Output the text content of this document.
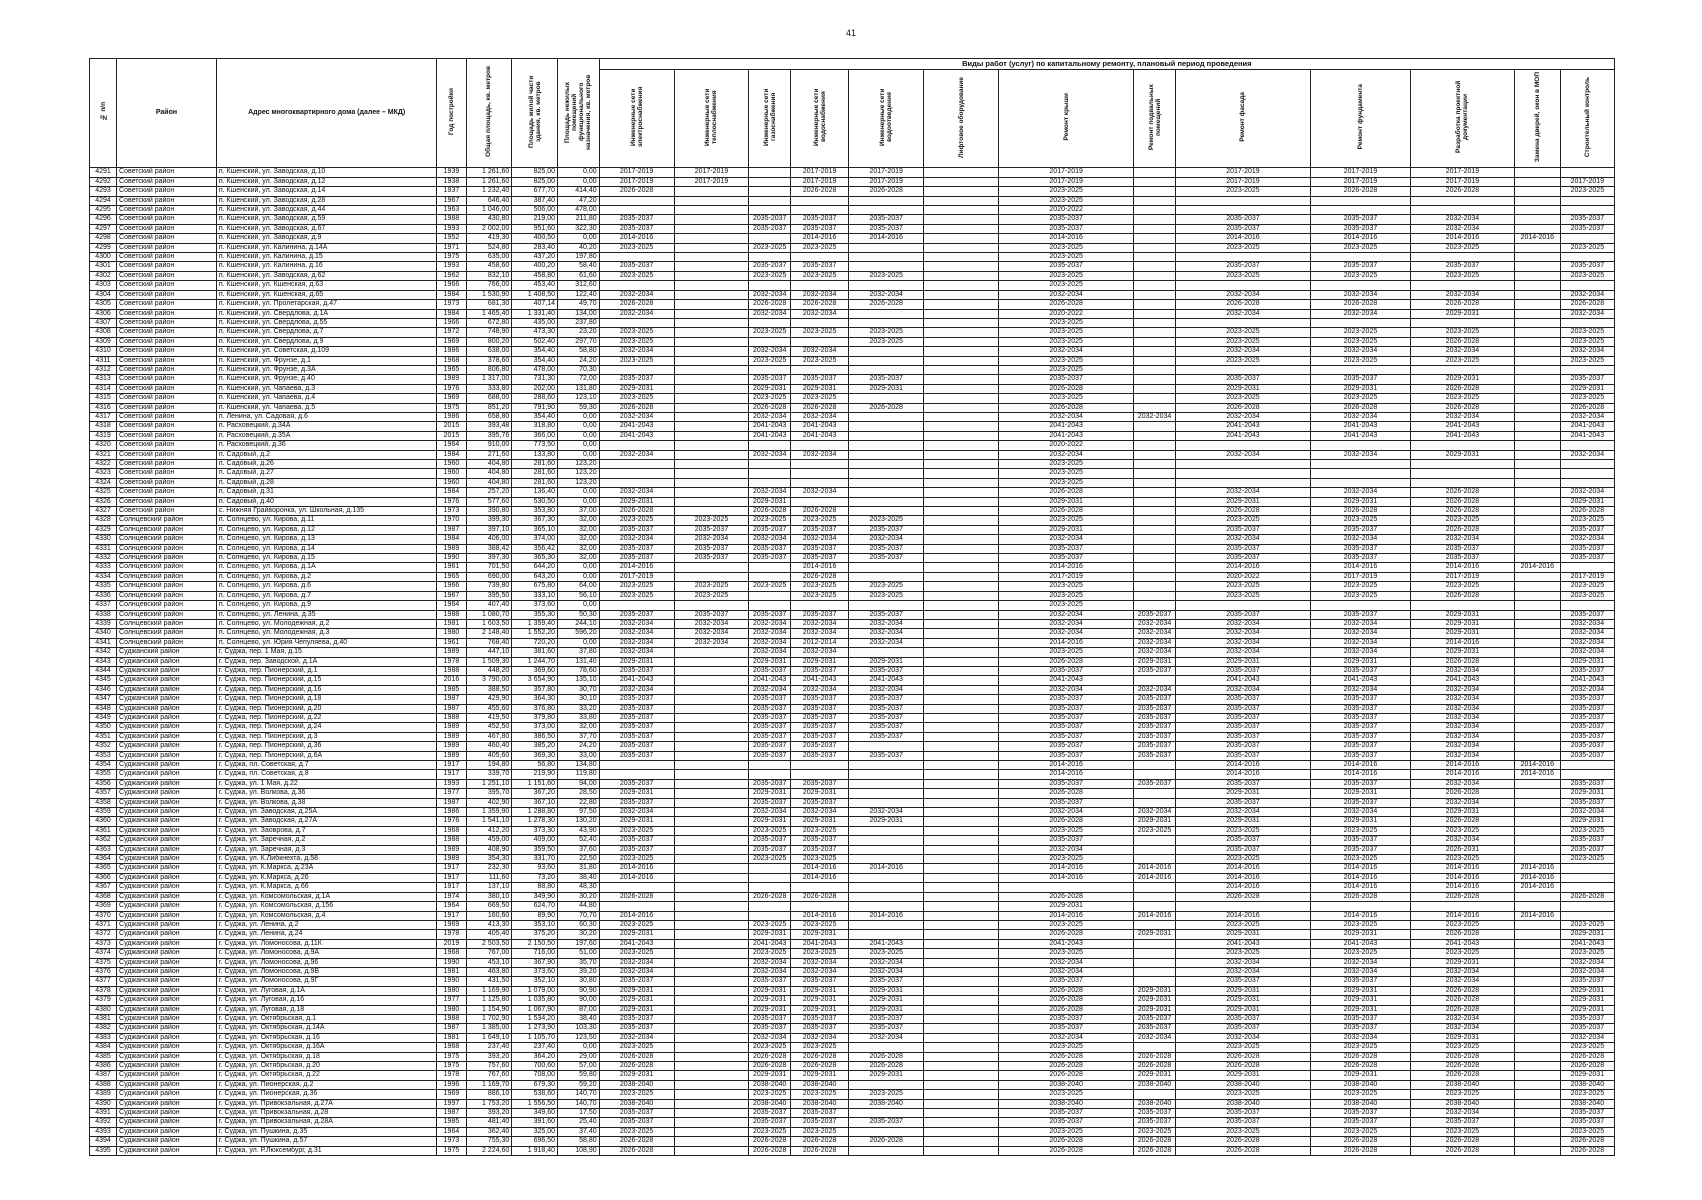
41
№ п/п	Район	Адрес многоквартирного дома (далее – МКД)	Год постройки	Общая площадь, кв. метров	Площадь жилой части здания, кв. метров	Площадь нежилых помещений функционального назначения, кв. метров	Виды работ (услуг) по капитальному ремонту, плановый период проведения												
							Инженерные сети электроснабжения	Инженерные сети теплоснабжения	Инженерные сети газоснабжения	Инженерные сети водоснабжения	Инженерные сети водоотведения	Лифтовое оборудование	Ремонт крыши	Ремонт подвальных помещений	Ремонт фасада	Ремонт фундамента	Разработка проектной документации	Замена дверей, окон в МОП	Строительный контроль
4291	Советский район	п. Кшенский, ул. Заводская, д.10	1939	1 261,60	825,00	0,00	2017-2019	2017-2019		2017-2019	2017-2019		2017-2019		2017-2019	2017-2019	2017-2019		
4292	Советский район	п. Кшенский, ул. Заводская, д.12	1938	1 261,60	825,00	0,00	2017-2019	2017-2019		2017-2019	2017-2019		2017-2019		2017-2019	2017-2019	2017-2019		2017-2019
4293	Советский район	п. Кшенский, ул. Заводская, д.14	1937	1 232,40	677,70	414,40	2026-2028			2026-2028	2026-2028		2023-2025		2023-2025	2026-2028	2026-2028		2023-2025
4294	Советский район	п. Кшенский, ул. Заводская, д.28	1967	646,40	387,40	47,20							2023-2025						
4295	Советский район	п. Кшенский, ул. Заводская, д.44	1963	1 046,00	506,00	478,00							2020-2022						
4296	Советский район	п. Кшенский, ул. Заводская, д.59	1988	430,80	219,00	211,80	2035-2037		2035-2037	2035-2037	2035-2037		2035-2037		2035-2037	2035-2037	2032-2034		2035-2037
4297	Советский район	п. Кшенский, ул. Заводская, д.67	1993	2 002,00	951,60	322,30	2035-2037		2035-2037	2035-2037	2035-2037		2035-2037		2035-2037	2035-2037	2032-2034		2035-2037
4298	Советский район	п. Кшенский, ул. Заводская, д.9	1952	419,30	400,50	0,00	2014-2016			2014-2016	2014-2016		2014-2016		2014-2016	2014-2016	2014-2016	2014-2016	
4299	Советский район	п. Кшенский, ул. Калинина, д.14А	1971	524,80	283,40	40,20	2023-2025		2023-2025	2023-2025			2023-2025		2023-2025	2023-2025	2023-2025		2023-2025
4300	Советский район	п. Кшенский, ул. Калинина, д.15	1975	635,00	437,20	197,80							2023-2025						
4301	Советский район	п. Кшенский, ул. Калинина, д.16	1993	458,60	400,20	58,40	2035-2037		2035-2037	2035-2037			2035-2037		2035-2037	2035-2037	2035-2037		2035-2037
4302	Советский район	п. Кшенский, ул. Заводская, д.62	1962	832,10	458,80	61,60	2023-2025		2023-2025	2023-2025	2023-2025		2023-2025		2023-2025	2023-2025	2023-2025		2023-2025
4303	Советский район	п. Кшенский, ул. Кшенская, д.63	1966	766,00	453,40	312,60							2023-2025						
4304	Советский район	п. Кшенский, ул. Кшенская, д.65	1984	1 530,90	1 408,50	122,40	2032-2034		2032-2034	2032-2034	2032-2034		2032-2034		2032-2034	2032-2034	2032-2034		2032-2034
4305	Советский район	п. Кшенский, ул. Пролетарская, д.47	1973	681,30	407,14	49,70	2026-2028		2026-2028	2026-2028	2026-2028		2026-2028		2026-2028	2026-2028	2026-2028		2026-2028
4306	Советский район	п. Кшенский, ул. Свердлова, д.1А	1984	1 465,40	1 331,40	134,00	2032-2034		2032-2034	2032-2034			2020-2022		2032-2034	2032-2034	2029-2031		2032-2034
4307	Советский район	п. Кшенский, ул. Свердлова, д.55	1966	672,80	435,00	237,80							2023-2025						
4308	Советский район	п. Кшенский, ул. Свердлова, д.7	1972	748,90	473,30	23,20	2023-2025		2023-2025	2023-2025	2023-2025		2023-2025		2023-2025	2023-2025	2023-2025		2023-2025
4309	Советский район	п. Кшенский, ул. Свердлова, д.9	1969	800,20	502,40	297,70	2023-2025				2023-2025		2023-2025		2023-2025	2023-2025	2026-2028		2023-2025
4310	Советский район	п. Кшенский, ул. Советская, д.109	1986	638,00	354,40	58,80	2032-2034		2032-2034	2032-2034			2032-2034		2032-2034	2032-2034	2032-2034		2032-2034
4311	Советский район	п. Кшенский, ул. Фрунзе, д.1	1968	378,60	354,40	24,20	2023-2025		2023-2025	2023-2025			2023-2025		2023-2025	2023-2025	2023-2025		2023-2025
4312	Советский район	п. Кшенский, ул. Фрунзе, д.3А	1965	806,80	478,00	70,30							2023-2025						
4313	Советский район	п. Кшенский, ул. Фрунзе, д.40	1989	1 317,00	731,30	72,00	2035-2037		2035-2037	2035-2037	2035-2037		2035-2037		2035-2037	2035-2037	2029-2031		2035-2037
4314	Советский район	п. Кшенский, ул. Чапаева, д.3	1976	333,80	202,00	131,80	2029-2031		2029-2031	2029-2031	2029-2031		2026-2028		2029-2031	2029-2031	2026-2028		2029-2031
4315	Советский район	п. Кшенский, ул. Чапаева, д.4	1969	688,00	288,60	123,10	2023-2025		2023-2025	2023-2025			2023-2025		2023-2025	2023-2025	2023-2025		2023-2025
4316	Советский район	п. Кшенский, ул. Чапаева, д.5	1975	851,20	791,90	59,30	2026-2028		2026-2028	2026-2028	2026-2028		2026-2028		2026-2028	2026-2028	2026-2028		2026-2028
4317	Советский район	п. Ленина, ул. Садовая, д.6	1986	658,80	354,40	0,00	2032-2034		2032-2034	2032-2034			2032-2034	2032-2034	2032-2034	2032-2034	2032-2034		2032-2034
4318	Советский район	п. Расховецкий, д.34А	2015	393,48	318,80	0,00	2041-2043		2041-2043	2041-2043			2041-2043		2041-2043	2041-2043	2041-2043		2041-2043
4319	Советский район	п. Расховецкий, д.35А	2015	395,76	366,00	0,00	2041-2043		2041-2043	2041-2043			2041-2043		2041-2043	2041-2043	2041-2043		2041-2043
4320	Советский район	п. Расховецкий, д.36	1964	910,00	773,50	0,00							2020-2022						
4321	Советский район	п. Садовый, д.2	1984	271,60	133,80	0,00	2032-2034		2032-2034	2032-2034			2032-2034		2032-2034	2032-2034	2029-2031		2032-2034
4322	Советский район	п. Садовый, д.26	1960	404,80	281,60	123,20							2023-2025						
4323	Советский район	п. Садовый, д.27	1960	404,80	281,60	123,20							2023-2025						
4324	Советский район	п. Садовый, д.28	1960	404,80	281,60	123,20							2023-2025						
4325	Советский район	п. Садовый, д.31	1984	257,20	136,40	0,00	2032-2034		2032-2034	2032-2034			2026-2028		2032-2034	2032-2034	2026-2028		2032-2034
4326	Советский район	п. Садовый, д.40	1976	577,60	530,50	0,00	2029-2031		2029-2031				2029-2031		2029-2031	2029-2031	2026-2028		2029-2031
4327	Советский район	с. Нижняя Грайворонка, ул. Школьная, д.135	1973	390,80	353,80	37,00	2026-2028		2026-2028	2026-2028			2026-2028		2026-2028	2026-2028	2026-2028		2026-2028
4328	Солнцевский район	п. Солнцево, ул. Кирова, д.11	1970	399,30	367,30	32,00	2023-2025	2023-2025	2023-2025	2023-2025	2023-2025		2023-2025		2023-2025	2023-2025	2023-2025		2023-2025
4329	Солнцевский район	п. Солнцево, ул. Кирова, д.12	1987	397,10	365,10	32,00	2035-2037	2035-2037	2035-2037	2035-2037	2035-2037		2029-2031		2035-2037	2035-2037	2026-2028		2035-2037
4330	Солнцевский район	п. Солнцево, ул. Кирова, д.13	1984	406,00	374,00	32,00	2032-2034	2032-2034	2032-2034	2032-2034	2032-2034		2032-2034		2032-2034	2032-2034	2032-2034		2032-2034
4331	Солнцевский район	п. Солнцево, ул. Кирова, д.14	1989	388,42	356,42	32,00	2035-2037	2035-2037	2035-2037	2035-2037	2035-2037		2035-2037		2035-2037	2035-2037	2035-2037		2035-2037
4332	Солнцевский район	п. Солнцево, ул. Кирова, д.15	1990	397,30	365,30	32,00	2035-2037	2035-2037	2035-2037	2035-2037	2035-2037		2035-2037		2035-2037	2035-2037	2035-2037		2035-2037
4333	Солнцевский район	п. Солнцево, ул. Кирова, д.1А	1961	701,50	644,20	0,00	2014-2016			2014-2016			2014-2016		2014-2016	2014-2016	2014-2016	2014-2016	
4334	Солнцевский район	п. Солнцево, ул. Кирова, д.2	1965	690,00	643,20	0,00	2017-2019			2026-2028			2017-2019		2020-2022	2017-2019	2017-2019		2017-2019
4335	Солнцевский район	п. Солнцево, ул. Кирова, д.6	1966	739,80	675,80	64,00	2023-2025	2023-2025	2023-2025	2023-2025	2023-2025		2023-2025		2023-2025	2023-2025	2023-2025		2023-2025
4336	Солнцевский район	п. Солнцево, ул. Кирова, д.7	1967	395,50	333,10	56,10	2023-2025	2023-2025		2023-2025	2023-2025		2023-2025		2023-2025	2023-2025	2026-2028		2023-2025
4337	Солнцевский район	п. Солнцево, ул. Кирова, д.9	1964	407,40	373,60	0,00							2023-2025						
4338	Солнцевский район	п. Солнцево, ул. Ленина, д.35	1988	1 080,70	355,30	50,30	2035-2037	2035-2037	2035-2037	2035-2037	2035-2037		2032-2034	2035-2037	2035-2037	2035-2037	2029-2031		2035-2037
4339	Солнцевский район	п. Солнцево, ул. Молодежная, д.2	1981	1 603,50	1 359,40	244,10	2032-2034	2032-2034	2032-2034	2032-2034	2032-2034		2032-2034	2032-2034	2032-2034	2032-2034	2029-2031		2032-2034
4340	Солнцевский район	п. Солнцево, ул. Молодежная, д.3	1980	2 148,40	1 552,20	596,20	2032-2034	2032-2034	2032-2034	2032-2034	2032-2034		2032-2034	2032-2034	2032-2034	2032-2034	2029-2031		2032-2034
4341	Солнцевский район	п. Солнцево, ул. Юрия Чепуляева, д.40	1961	768,40	720,20	0,00	2032-2034	2032-2034	2032-2034	2012-2014	2032-2034		2014-2016	2032-2034	2032-2034	2032-2034	2014-2016		2032-2034
4342	Суджанский район	г. Суджа, пер. 1 Мая, д.15	1989	447,10	381,60	37,80	2032-2034		2032-2034	2032-2034			2023-2025	2032-2034	2032-2034	2032-2034	2029-2031		2032-2034
4343	Суджанский район	г. Суджа, пер. Заводской, д.1А	1978	1 509,30	1 244,70	131,40	2029-2031		2029-2031	2029-2031	2029-2031		2026-2028	2029-2031	2029-2031	2029-2031	2026-2028		2029-2031
4344	Суджанский район	г. Суджа, пер. Пионерский, д.1	1988	448,20	369,60	78,60	2035-2037		2035-2037	2035-2037	2035-2037		2035-2037	2035-2037	2035-2037	2035-2037	2032-2034		2035-2037
4345	Суджанский район	г. Суджа, пер. Пионерский, д.15	2016	3 790,00	3 654,90	135,10	2041-2043		2041-2043	2041-2043	2041-2043		2041-2043		2041-2043	2041-2043	2041-2043		2041-2043
4346	Суджанский район	г. Суджа, пер. Пионерский, д.16	1985	388,50	357,80	30,70	2032-2034		2032-2034	2032-2034	2032-2034		2032-2034	2032-2034	2032-2034	2032-2034	2032-2034		2032-2034
4347	Суджанский район	г. Суджа, пер. Пионерский, д.18	1987	429,90	364,30	30,10	2035-2037		2035-2037	2035-2037	2035-2037		2035-2037	2035-2037	2035-2037	2035-2037	2032-2034		2035-2037
4348	Суджанский район	г. Суджа, пер. Пионерский, д.20	1987	455,60	376,80	33,20	2035-2037		2035-2037	2035-2037	2035-2037		2035-2037	2035-2037	2035-2037	2035-2037	2032-2034		2035-2037
4349	Суджанский район	г. Суджа, пер. Пионерский, д.22	1988	419,50	379,80	33,80	2035-2037		2035-2037	2035-2037	2035-2037		2035-2037	2035-2037	2035-2037	2035-2037	2032-2034		2035-2037
4350	Суджанский район	г. Суджа, пер. Пионерский, д.24	1989	452,50	373,00	32,00	2035-2037		2035-2037	2035-2037	2035-2037		2035-2037	2035-2037	2035-2037	2035-2037	2032-2034		2035-2037
4351	Суджанский район	г. Суджа, пер. Пионерский, д.3	1989	467,80	386,50	37,70	2035-2037		2035-2037	2035-2037	2035-2037		2035-2037	2035-2037	2035-2037	2035-2037	2032-2034		2035-2037
4352	Суджанский район	г. Суджа, пер. Пионерский, д.36	1989	460,40	385,20	24,20	2035-2037		2035-2037	2035-2037			2035-2037	2035-2037	2035-2037	2035-2037	2032-2034		2035-2037
4353	Суджанский район	г. Суджа, пер. Пионерский, д.6А	1989	405,60	369,30	33,00	2035-2037		2035-2037	2035-2037	2035-2037		2035-2037	2035-2037	2035-2037	2035-2037	2032-2034		2035-2037
4354	Суджанский район	г. Суджа, пл. Советская, д.7	1917	194,80	56,80	134,80							2014-2016		2014-2016	2014-2016	2014-2016	2014-2016	
4355	Суджанский район	г. Суджа, пл. Советская, д.8	1917	339,70	219,90	119,80							2014-2016		2014-2016	2014-2016	2014-2016	2014-2016	
4356	Суджанский район	г. Суджа, ул. 1 Мая, д.22	1993	1 251,10	1 151,60	94,00	2035-2037		2035-2037	2035-2037			2035-2037	2035-2037	2035-2037	2035-2037	2032-2034		2035-2037
4357	Суджанский район	г. Суджа, ул. Волкова, д.36	1977	395,70	367,20	28,50	2029-2031		2029-2031	2029-2031			2026-2028		2029-2031	2029-2031	2026-2028		2029-2031
4358	Суджанский район	г. Суджа, ул. Волкова, д.38	1987	402,90	367,10	22,80	2035-2037		2035-2037	2035-2037			2035-2037		2035-2037	2035-2037	2032-2034		2035-2037
4359	Суджанский район	г. Суджа, ул. Заводская, д.25А	1986	1 359,90	1 288,80	97,50	2032-2034		2032-2034	2032-2034	2032-2034		2032-2034	2032-2034	2032-2034	2032-2034	2029-2031		2032-2034
4360	Суджанский район	г. Суджа, ул. Заводская, д.27А	1976	1 541,10	1 278,30	130,20	2029-2031		2029-2031	2029-2031	2029-2031		2026-2028	2029-2031	2029-2031	2029-2031	2026-2028		2029-2031
4361	Суджанский район	г. Суджа, ул. Заоврова, д.7	1968	412,20	373,30	43,90	2023-2025		2023-2025	2023-2025			2023-2025	2023-2025	2023-2025	2023-2025	2023-2025		2023-2025
4362	Суджанский район	г. Суджа, ул. Заречная, д.2	1988	459,00	409,00	52,40	2035-2037		2035-2037	2035-2037			2035-2037		2035-2037	2035-2037	2032-2034		2035-2037
4363	Суджанский район	г. Суджа, ул. Заречная, д.3	1989	408,90	359,50	37,60	2035-2037		2035-2037	2035-2037			2032-2034		2035-2037	2035-2037	2026-2031		2035-2037
4364	Суджанский район	г. Суджа, ул. К.Либкнехта, д.58	1989	354,30	331,70	22,50	2023-2025		2023-2025	2023-2025			2023-2025		2023-2025	2023-2025	2023-2025		2023-2025
4365	Суджанский район	г. Суджа, ул. К.Маркса, д.23А	1917	232,30	93,60	31,80	2014-2016			2014-2016	2014-2016		2014-2016	2014-2016	2014-2016	2014-2016	2014-2016	2014-2016	
4366	Суджанский район	г. Суджа, ул. К.Маркса, д.26	1917	111,60	73,20	38,40	2014-2016			2014-2016			2014-2016	2014-2016	2014-2016	2014-2016	2014-2016	2014-2016	
4367	Суджанский район	г. Суджа, ул. К.Маркса, д.66	1917	137,10	88,80	48,30									2014-2016	2014-2016	2014-2016	2014-2016	
4368	Суджанский район	г. Суджа, ул. Комсомольская, д.1А	1974	380,10	349,90	30,20	2026-2028		2026-2028	2026-2028			2026-2028		2026-2028	2026-2028	2026-2028		2026-2028
4369	Суджанский район	г. Суджа, ул. Комсомольская, д.156	1964	669,50	624,70	44,80							2029-2031						
4370	Суджанский район	г. Суджа, ул. Комсомольская, д.4	1917	160,60	89,90	70,70	2014-2016			2014-2016	2014-2016		2014-2016	2014-2016	2014-2016	2014-2016	2014-2016	2014-2016	
4371	Суджанский район	г. Суджа, ул. Ленина, д.2	1969	413,30	353,10	60,30	2023-2025		2023-2025	2023-2025			2023-2025		2023-2025	2023-2025	2023-2025		2023-2025
4372	Суджанский район	г. Суджа, ул. Ленина, д.24	1978	405,40	375,20	30,20	2029-2031		2029-2031	2029-2031			2026-2028	2029-2031	2029-2031	2029-2031	2026-2028		2029-2031
4373	Суджанский район	г. Суджа, ул. Ломоносова, д.11К	2019	2 503,50	2 150,50	197,60	2041-2043		2041-2043	2041-2043	2041-2043		2041-2043		2041-2043	2041-2043	2041-2043		2041-2043
4374	Суджанский район	г. Суджа, ул. Ломоносова, д.9А	1968	767,00	716,00	51,00	2023-2025		2023-2025	2023-2025	2023-2025		2023-2025		2023-2025	2023-2025	2023-2025		2023-2025
4375	Суджанский район	г. Суджа, ул. Ломоносова, д.96	1990	453,10	367,90	35,70	2032-2034		2032-2034	2032-2034	2032-2034		2032-2034		2032-2034	2032-2034	2029-2031		2032-2034
4376	Суджанский район	г. Суджа, ул. Ломоносова, д.9В	1981	463,80	373,60	39,20	2032-2034		2032-2034	2032-2034	2032-2034		2032-2034		2032-2034	2032-2034	2032-2034		2032-2034
4377	Суджанский район	г. Суджа, ул. Ломоносова, д.9Г	1990	431,50	352,10	30,80	2035-2037		2035-2037	2035-2037	2035-2037		2035-2037		2035-2037	2035-2037	2032-2034		2035-2037
4378	Суджанский район	г. Суджа, ул. Луговая, д.1А	1980	1 169,90	1 079,00	90,90	2029-2031		2029-2031	2029-2031	2029-2031		2026-2028	2029-2031	2029-2031	2029-2031	2026-2028		2029-2031
4379	Суджанский район	г. Суджа, ул. Луговая, д.16	1977	1 125,80	1 035,80	90,00	2029-2031		2029-2031	2029-2031	2029-2031		2026-2028	2029-2031	2029-2031	2029-2031	2026-2028		2029-2031
4380	Суджанский район	г. Суджа, ул. Луговая, д.18	1980	1 154,90	1 067,90	87,00	2029-2031		2029-2031	2029-2031	2029-2031		2026-2028	2029-2031	2029-2031	2029-2031	2026-2028		2029-2031
4381	Суджанский район	г. Суджа, ул. Октябрьская, д.1	1988	1 702,90	1 534,20	38,40	2035-2037		2035-2037	2035-2037	2035-2037		2035-2037	2035-2037	2035-2037	2035-2037	2032-2034		2035-2037
4382	Суджанский район	г. Суджа, ул. Октябрьская, д.14А	1987	1 385,00	1 273,90	103,30	2035-2037		2035-2037	2035-2037	2035-2037		2035-2037	2035-2037	2035-2037	2035-2037	2032-2034		2035-2037
4383	Суджанский район	г. Суджа, ул. Октябрьская, д.16	1981	1 649,10	1 105,70	123,50	2032-2034		2032-2034	2032-2034	2032-2034		2032-2034	2032-2034	2032-2034	2032-2034	2029-2031		2032-2034
4384	Суджанский район	г. Суджа, ул. Октябрьская, д.16А	1968	237,40	237,40	0,00	2023-2025		2023-2025	2023-2025			2023-2025		2023-2025	2023-2025	2023-2025		2023-2025
4385	Суджанский район	г. Суджа, ул. Октябрьская, д.18	1975	393,20	364,20	29,00	2026-2028		2026-2028	2026-2028	2026-2028		2026-2028	2026-2028	2026-2028	2026-2028	2026-2028		2026-2028
4386	Суджанский район	г. Суджа, ул. Октябрьская, д.20	1975	757,60	700,60	57,00	2026-2028		2026-2028	2026-2028	2026-2028		2026-2028	2026-2028	2026-2028	2026-2028	2026-2028		2026-2028
4387	Суджанский район	г. Суджа, ул. Октябрьская, д.22	1978	767,60	708,00	59,80	2029-2031		2029-2031	2029-2031	2029-2031		2026-2028	2029-2031	2029-2031	2029-2031	2026-2028		2029-2031
4388	Суджанский район	г. Суджа, ул. Пионерская, д.2	1996	1 169,70	679,30	59,20	2038-2040		2038-2040	2038-2040			2038-2040	2038-2040	2038-2040	2038-2040	2038-2040		2038-2040
4389	Суджанский район	г. Суджа, ул. Пионерская, д.36	1969	886,10	538,60	140,70	2023-2025		2023-2025	2023-2025	2023-2025		2023-2025		2023-2025	2023-2025	2023-2025		2023-2025
4390	Суджанский район	г. Суджа, ул. Привокзальная, д.27А	1997	1 753,20	1 556,50	140,70	2038-2040		2038-2040	2038-2040	2038-2040		2038-2040	2038-2040	2038-2040	2038-2040	2038-2040		2038-2040
4391	Суджанский район	г. Суджа, ул. Привокзальная, д.28	1987	393,20	349,60	17,50	2035-2037		2035-2037	2035-2037			2035-2037	2035-2037	2035-2037	2035-2037	2032-2034		2035-2037
4392	Суджанский район	г. Суджа, ул. Привокзальная, д.28А	1985	481,40	391,60	25,40	2035-2037		2035-2037	2035-2037	2035-2037		2035-2037	2035-2037	2035-2037	2035-2037	2035-2037		2035-2037
4393	Суджанский район	г. Суджа, ул. Пушкина, д.35	1964	362,40	325,00	37,40	2023-2025		2023-2025	2023-2025			2023-2025	2023-2025	2023-2025	2023-2025	2023-2025		2023-2025
4394	Суджанский район	г. Суджа, ул. Пушкина, д.57	1973	755,30	696,50	58,80	2026-2028		2026-2028	2026-2028	2026-2028		2026-2028	2026-2028	2026-2028	2026-2028	2026-2028		2026-2028
4395	Суджанский район	г. Суджа, ул. Р.Люксембург, д.31	1975	2 224,60	1 918,40	108,90	2026-2028		2026-2028	2026-2028			2026-2028	2026-2028	2026-2028	2026-2028	2026-2028		2026-2028
